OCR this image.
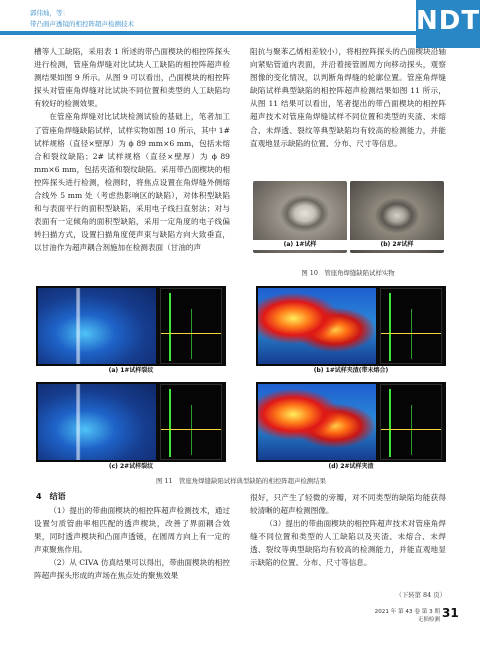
郭伟灿，等：
带凸面声透镜的相控阵超声检测技术	NDT

槽等人工缺陷，采用表 1 所述的带凸面楔块的相控阵探头进行检测，管座角焊缝对比试块人工缺陷的相控阵超声检测结果如图 9 所示。从图 9 可以看出，凸面楔块的相控阵探头对管座角焊缝对比试块不同位置和类型的人工缺陷均有较好的检测效果。

在管座角焊缝对比试块检测试验的基础上，笔者加工了管座角焊缝缺陷试样，试样实物如图 10 所示，其中 1# 试样规格（直径×壁厚）为 ϕ 89 mm×6 mm，包括未熔合和裂纹缺陷；2# 试样规格（直径×壁厚）为 ϕ 89 mm×6 mm，包括夹渣和裂纹缺陷。采用带凸面楔块的相控阵探头进行检测，检测时，将焦点设置在角焊缝外侧熔合线外 5 mm 处（考虑热影响区的缺陷），对体积型缺陷和与表面平行的面积型缺陷，采用电子线扫直射法；对与表面有一定倾角的面积型缺陷，采用一定角度的电子线偏转扫描方式，设置扫描角度使声束与缺陷方向大致垂直，以甘油作为超声耦合剂施加在检测表面（甘油的声

阻抗与聚苯乙烯相差较小），将相控阵探头的凸面楔块沿轴向紧贴管道内表面，并沿着接管圆周方向移动探头，观察图像的变化情况，以判断角焊缝的轮廓位置。管座角焊缝缺陷试样典型缺陷的相控阵超声检测结果如图 11 所示，从图 11 结果可以看出，笔者提出的带凸面楔块的相控阵超声技术对管座角焊缝试样不同位置和类型的夹渣、未熔合、未焊透、裂纹等典型缺陷均有较高的检测能力，并能直观地显示缺陷的位置、分布、尺寸等信息。

(a) 1#试样	(b) 2#试样
图 10　管座角焊缝缺陷试样实物
(a) 1#试样裂纹	(b) 1#试样夹渣(带未熔合)
(c) 2#试样裂纹	(d) 2#试样夹渣
图 11　管座角焊缝缺陷试样典型缺陷的相控阵超声检测结果
4　结语

（1）提出的带曲面楔块的相控阵超声检测技术，通过设置匀质管曲率相匹配的透声楔块，改善了界面耦合效果，同时透声楔块和凸面声透镜，在圆周方向上有一定的声束聚焦作用。

（2）从 CIVA 仿真结果可以得出，带曲面楔块的相控阵超声探头形成的声场在焦点处的聚焦效果

很好，只产生了轻微的旁瓣，对不同类型的缺陷均能获得较清晰的超声检测图像。

（3）提出的带曲面楔块的相控阵超声技术对管座角焊缝不同位置和类型的人工缺陷以及夹渣、未熔合、未焊透、裂纹等典型缺陷均有较高的检测能力，并能直观地显示缺陷的位置、分布、尺寸等信息。

（下转第 84 页）
2021 年 第 43 卷 第 3 期
无损检测 31
